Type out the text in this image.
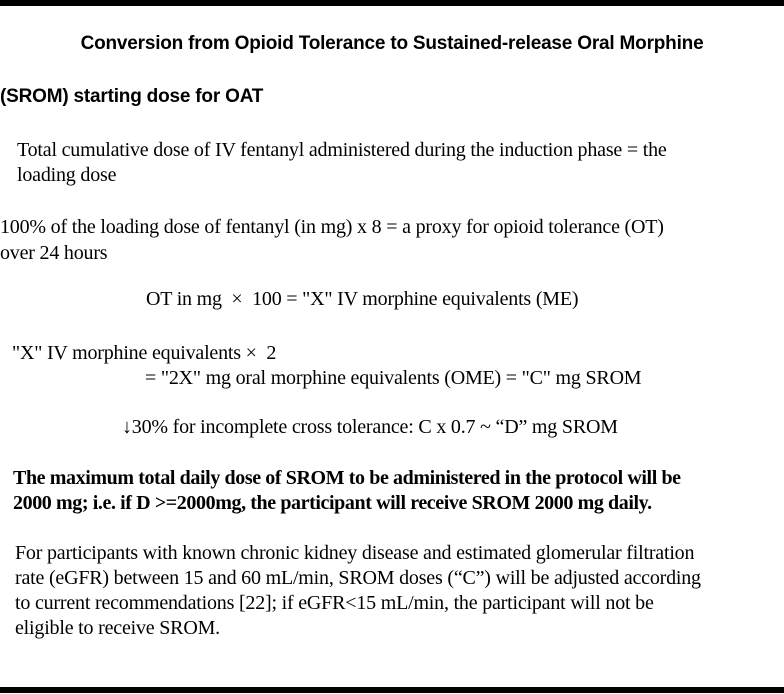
Conversion from Opioid Tolerance to Sustained-release Oral Morphine
(SROM) starting dose for OAT
Total cumulative dose of IV fentanyl administered during the induction phase = the
loading dose
100% of the loading dose of fentanyl (in mg) x 8 = a proxy for opioid tolerance (OT)
over 24 hours
OT in mg  ×  100 = "X" IV morphine equivalents (ME)
"X" IV morphine equivalents ×  2
= "2X" mg oral morphine equivalents (OME) = "C" mg SROM
↓30% for incomplete cross tolerance: C x 0.7 ~ “D” mg SROM
The maximum total daily dose of SROM to be administered in the protocol will be
2000 mg; i.e. if D >=2000mg, the participant will receive SROM 2000 mg daily.
For participants with known chronic kidney disease and estimated glomerular filtration
rate (eGFR) between 15 and 60 mL/min, SROM doses (“C”) will be adjusted according
to current recommendations [22]; if eGFR<15 mL/min, the participant will not be
eligible to receive SROM.
